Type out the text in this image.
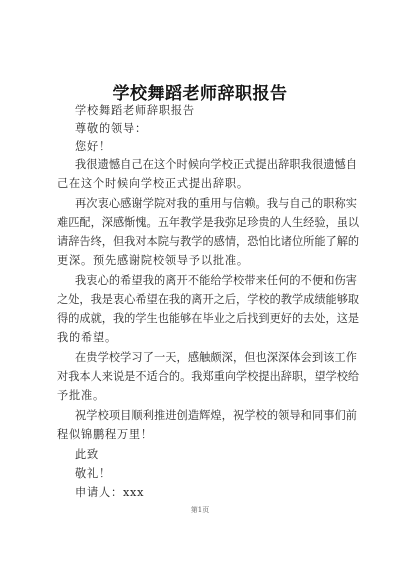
学校舞蹈老师辞职报告
学校舞蹈老师辞职报告
尊敬的领导：
您好！
我很遗憾自己在这个时候向学校正式提出辞职我很遗憾自
己在这个时候向学校正式提出辞职。
再次衷心感谢学院对我的重用与信赖。我与自己的职称实
难匹配，深感惭愧。五年教学是我弥足珍贵的人生经验，虽以
请辞告终，但我对本院与教学的感情，恐怕比诸位所能了解的
更深。预先感谢院校领导予以批准。
我衷心的希望我的离开不能给学校带来任何的不便和伤害
之处，我是衷心希望在我的离开之后，学校的教学成绩能够取
得的成就，我的学生也能够在毕业之后找到更好的去处，这是
我的希望。
在贵学校学习了一天，感触颇深，但也深深体会到该工作
对我本人来说是不适合的。我郑重向学校提出辞职，望学校给
予批准。
祝学校项目顺利推进创造辉煌，祝学校的领导和同事们前
程似锦鹏程万里！
此致
敬礼！
申请人：xxx
第1页
